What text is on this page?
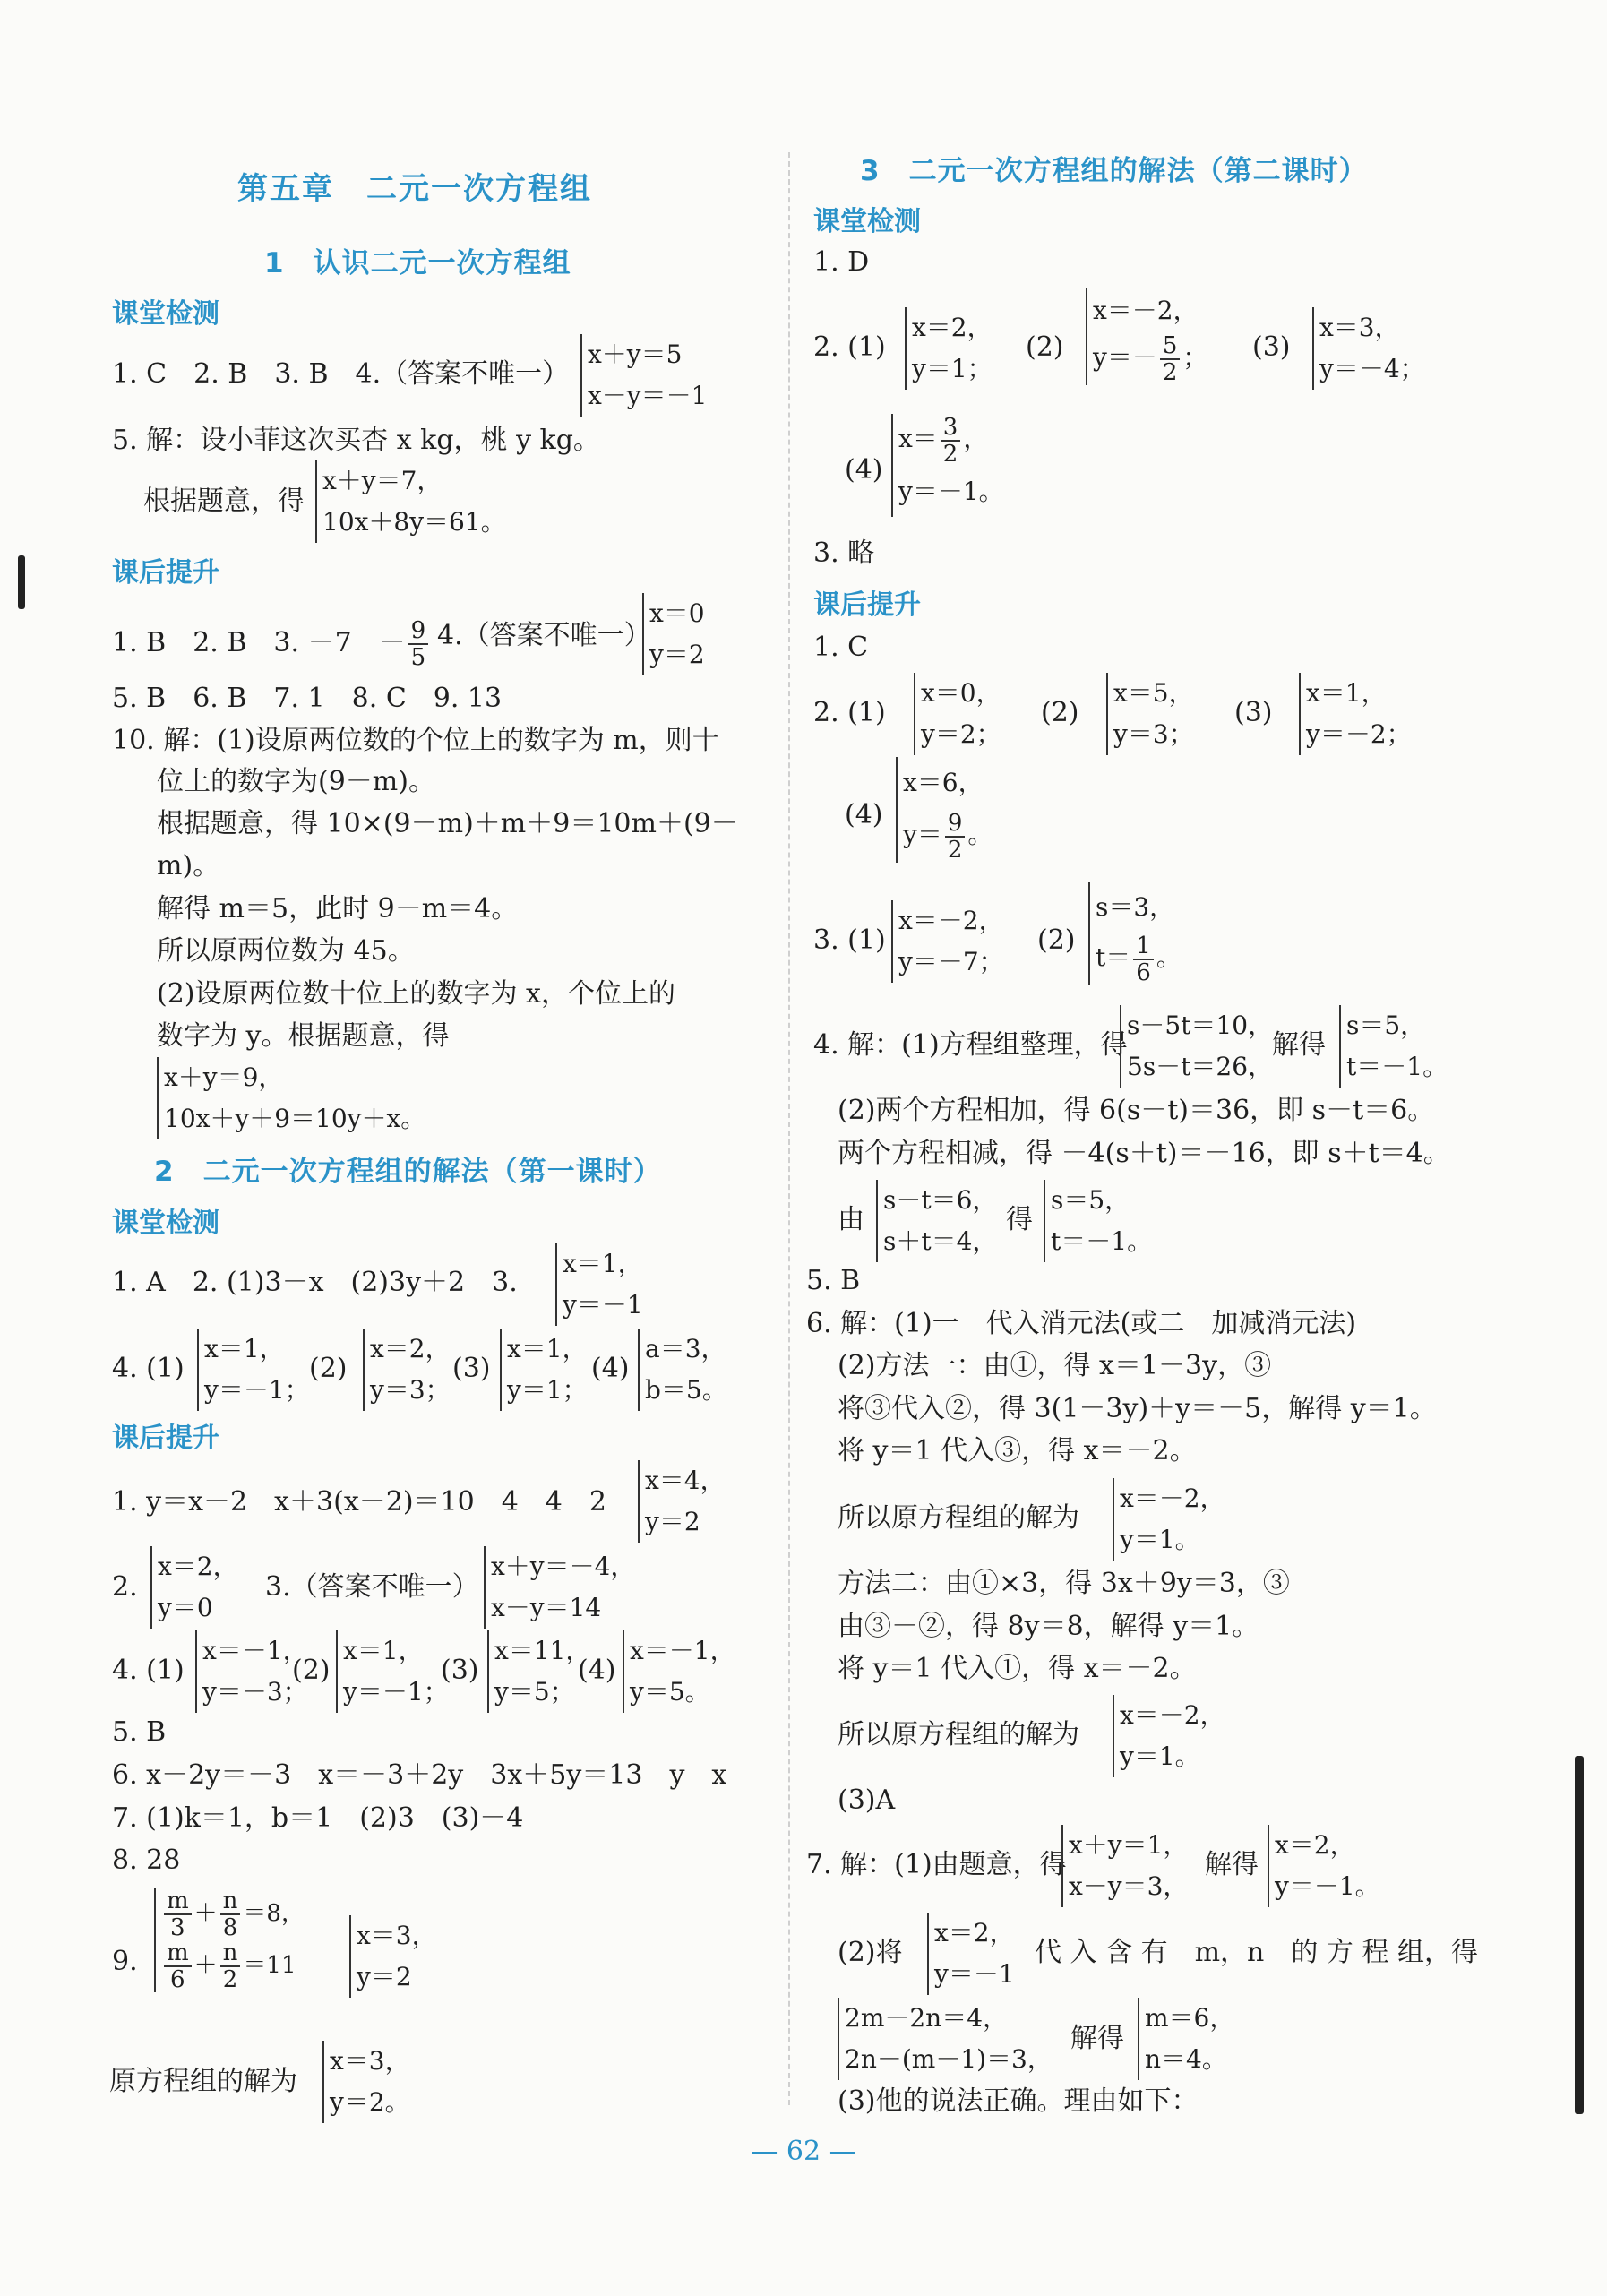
第五章　二元一次方程组
1　认识二元一次方程组
课堂检测
1. C　2. B　3. B　4.（答案不唯一）
x＋y＝5
x－y＝－1
5. 解：设小菲这次买杏 x kg，桃 y kg。
根据题意，得
x＋y＝7，
10x＋8y＝61。
课后提升
1. B　2. B　3. －7　－ $\frac{9}{5} 4$.（答案不唯一）
x＝0
y＝2
5. B　6. B　7. 1　8. C　9. 13
10. 解：(1)设原两位数的个位上的数字为 m，则十
位上的数字为(9－m)。
根据题意，得 10×(9－m)＋m＋9＝10m＋(9－
m)。
解得 m＝5，此时 9－m＝4。
所以原两位数为 45。
(2)设原两位数十位上的数字为 x，个位上的
数字为 y。根据题意，得
x＋y＝9，
10x＋y＋9＝10y＋x。
2　二元一次方程组的解法（第一课时）
课堂检测
1. A　2. (1)3－x　(2)3y＋2　3.
x＝1，
y＝－1
4. (1)
x＝1，
y＝－1；
(2)
x＝2，
y＝3；
(3)
x＝1，
y＝1；
(4)
a＝3，
b＝5。
课后提升
1. y＝x－2　x＋3(x－2)＝10　4　4　2
x＝4，
y＝2
2.
x＝2，
y＝0
3.（答案不唯一）
x＋y＝－4，
x－y＝14
4. (1)
x＝－1，
y＝－3；
(2)
x＝1，
y＝－1；
(3)
x＝11，
y＝5；
(4)
x＝－1，
y＝5。
5. B
6. x－2y＝－3　x＝－3＋2y　3x＋5y＝13　y　x
7. (1)k＝1，b＝1　(2)3　(3)－4
8. 28
9.
$\frac{m}{3} + \frac{n}{8} =8$，
$\frac{m}{6} + \frac{n}{2} =11$
x＝3，
y＝2
原方程组的解为
x＝3，
y＝2。
3　二元一次方程组的解法（第二课时）
课堂检测
1. D
2. (1)
x＝2，
y＝1；
(2)
x＝－2，
$y=- \frac{5}{2}$ ； (3)
x＝3，
y＝－4；
(4)
$x= \frac{3}{2}$ ，
y＝－1。
3. 略
课后提升
1. C
2. (1)
x＝0，
y＝2；
(2)
x＝5，
y＝3；
(3)
x＝1，
y＝－2；
(4)
x＝6，
$y= \frac{9}{2}$ 。
3. (1)
x＝－2，
y＝－7；
(2)
s＝3，
$t= \frac{1}{6}$ 。
4. 解：(1)方程组整理，得
s－5t＝10，
5s－t＝26，
解得
s＝5，
t＝－1。
(2)两个方程相加，得 6(s－t)＝36，即 s－t＝6。
两个方程相减，得 －4(s＋t)＝－16，即 s＋t＝4。
由
s－t＝6，
s＋t＝4，
得
s＝5，
t＝－1。
5. B
6. 解：(1)一　代入消元法(或二　加减消元法)
(2)方法一：由①，得 x＝1－3y，③
将③代入②，得 3(1－3y)＋y＝－5，解得 y＝1。
将 y＝1 代入③，得 x＝－2。
所以原方程组的解为
x＝－2，
y＝1。
方法二：由①×3，得 3x＋9y＝3，③
由③－②，得 8y＝8，解得 y＝1。
将 y＝1 代入①，得 x＝－2。
所以原方程组的解为
x＝－2，
y＝1。
(3)A
7. 解：(1)由题意，得
x＋y＝1，
x－y＝3，
解得
x＝2，
y＝－1。
(2)将
x＝2，
y＝－1
代 入 含 有　m，n　的 方 程 组，得
2m－2n＝4，
2n－(m－1)＝3，
解得
m＝6，
n＝4。
(3)他的说法正确。理由如下：
— 62 —
